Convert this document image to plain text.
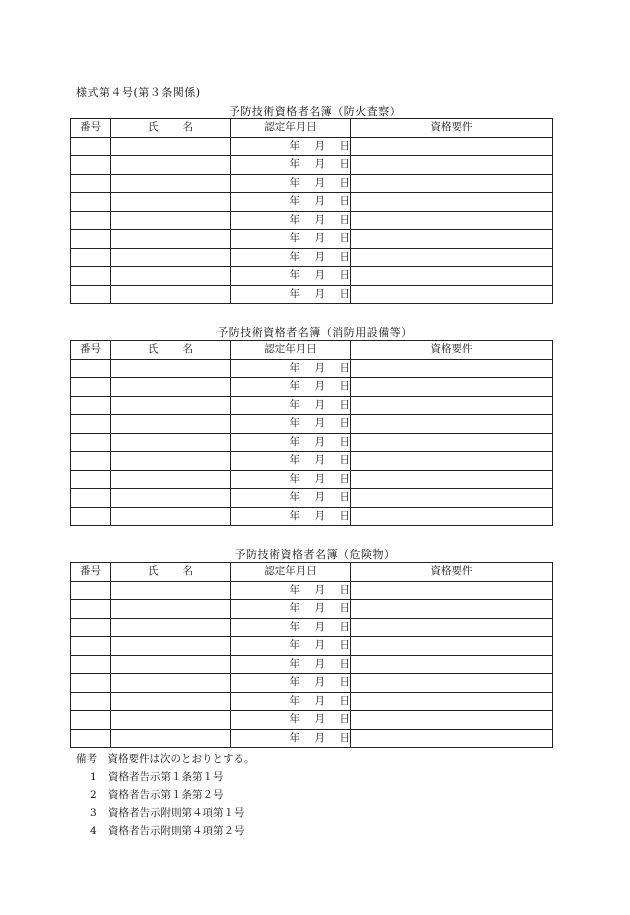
様式第４号(第３条関係)
予防技術資格者名簿（防火査察）
番号	氏 名	認定年月日	資格要件
		年 月 日	
		年 月 日	
		年 月 日	
		年 月 日	
		年 月 日	
		年 月 日	
		年 月 日	
		年 月 日	
		年 月 日	
予防技術資格者名簿（消防用設備等）
番号	氏 名	認定年月日	資格要件
		年 月 日	
		年 月 日	
		年 月 日	
		年 月 日	
		年 月 日	
		年 月 日	
		年 月 日	
		年 月 日	
		年 月 日	
予防技術資格者名簿（危険物）
番号	氏 名	認定年月日	資格要件
		年 月 日	
		年 月 日	
		年 月 日	
		年 月 日	
		年 月 日	
		年 月 日	
		年 月 日	
		年 月 日	
		年 月 日	
備考　資格要件は次のとおりとする。
1 資格者告示第１条第１号
2 資格者告示第１条第２号
3 資格者告示附則第４項第１号
4 資格者告示附則第４項第２号
